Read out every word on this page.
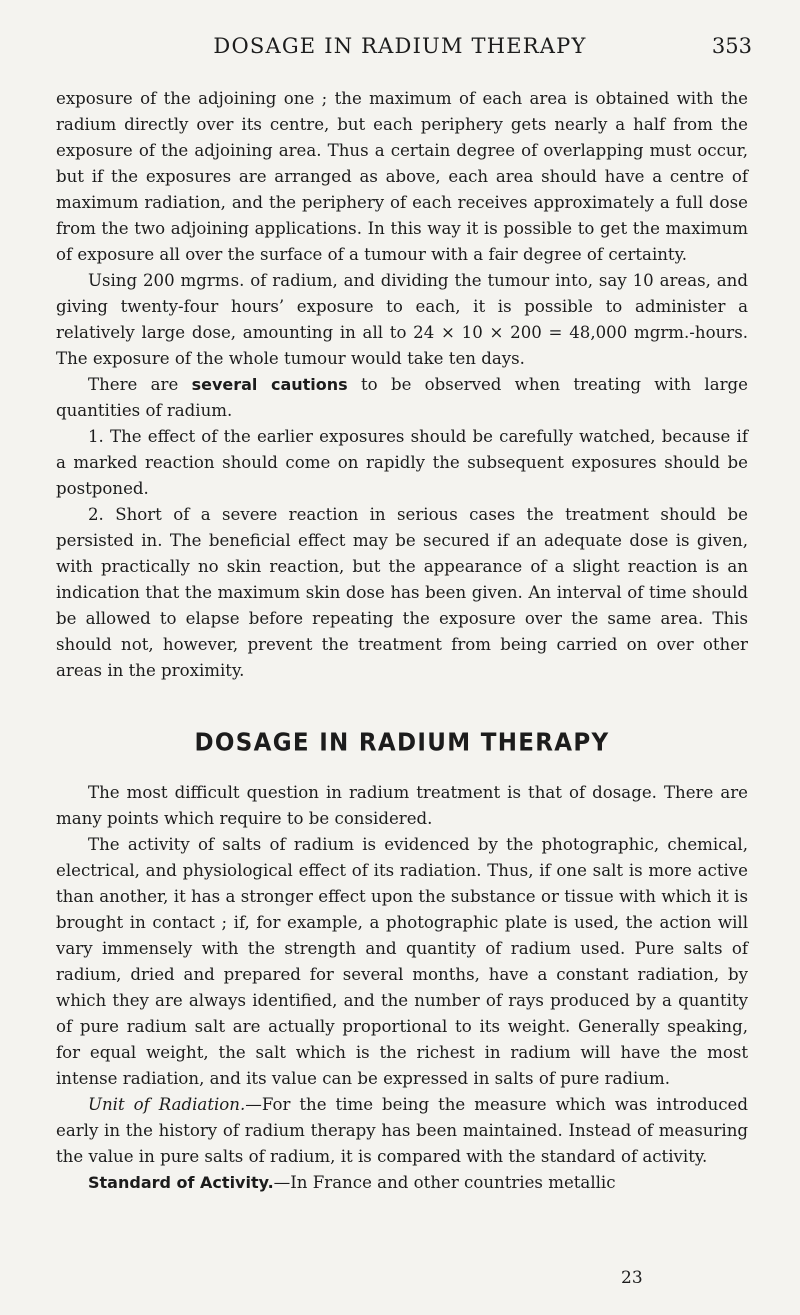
DOSAGE IN RADIUM THERAPY	353

exposure of the adjoining one ; the maximum of each area is obtained with the radium directly over its centre, but each periphery gets nearly a half from the exposure of the adjoining area. Thus a certain degree of overlapping must occur, but if the exposures are arranged as above, each area should have a centre of maximum radiation, and the periphery of each receives approximately a full dose from the two adjoining applications. In this way it is possible to get the maximum of exposure all over the surface of a tumour with a fair degree of certainty.

Using 200 mgrms. of radium, and dividing the tumour into, say 10 areas, and giving twenty-four hours’ exposure to each, it is possible to administer a relatively large dose, amounting in all to 24 × 10 × 200 = 48,000 mgrm.-hours. The exposure of the whole tumour would take ten days.

There are several cautions to be observed when treating with large quantities of radium.

1. The effect of the earlier exposures should be carefully watched, because if a marked reaction should come on rapidly the subsequent exposures should be postponed.

2. Short of a severe reaction in serious cases the treatment should be persisted in. The beneficial effect may be secured if an adequate dose is given, with practically no skin reaction, but the appearance of a slight reaction is an indication that the maximum skin dose has been given. An interval of time should be allowed to elapse before repeating the exposure over the same area. This should not, however, prevent the treatment from being carried on over other areas in the proximity.

DOSAGE IN RADIUM THERAPY

The most difficult question in radium treatment is that of dosage. There are many points which require to be considered.

The activity of salts of radium is evidenced by the photographic, chemical, electrical, and physiological effect of its radiation. Thus, if one salt is more active than another, it has a stronger effect upon the substance or tissue with which it is brought in contact ; if, for example, a photographic plate is used, the action will vary immensely with the strength and quantity of radium used. Pure salts of radium, dried and prepared for several months, have a constant radiation, by which they are always identified, and the number of rays produced by a quantity of pure radium salt are actually proportional to its weight. Generally speaking, for equal weight, the salt which is the richest in radium will have the most intense radiation, and its value can be expressed in salts of pure radium.

Unit of Radiation.—For the time being the measure which was introduced early in the history of radium therapy has been maintained. Instead of measuring the value in pure salts of radium, it is compared with the standard of activity.

Standard of Activity.—In France and other countries metallic

23
